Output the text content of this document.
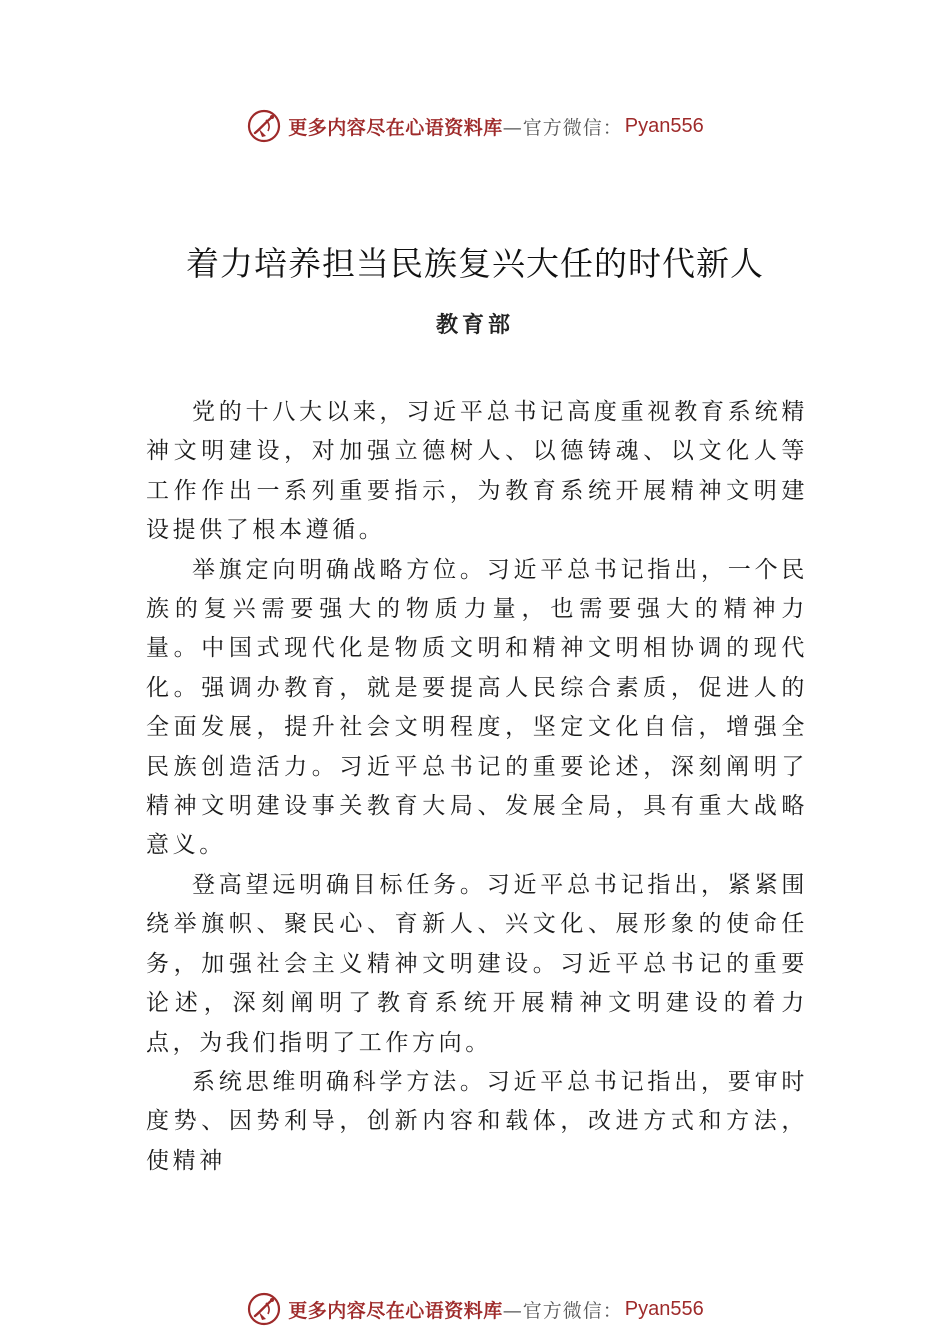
更多内容尽在心语资料库 —官方微信： Pyan556
着力培养担当民族复兴大任的时代新人
教育部

党的十八大以来，习近平总书记高度重视教育系统精神文明建设，对加强立德树人、以德铸魂、以文化人等工作作出一系列重要指示，为教育系统开展精神文明建设提供了根本遵循。

举旗定向明确战略方位。习近平总书记指出，一个民族的复兴需要强大的物质力量，也需要强大的精神力量。中国式现代化是物质文明和精神文明相协调的现代化。强调办教育，就是要提高人民综合素质，促进人的全面发展，提升社会文明程度，坚定文化自信，增强全民族创造活力。习近平总书记的重要论述，深刻阐明了精神文明建设事关教育大局、发展全局，具有重大战略意义。

登高望远明确目标任务。习近平总书记指出，紧紧围绕举旗帜、聚民心、育新人、兴文化、展形象的使命任务，加强社会主义精神文明建设。习近平总书记的重要论述，深刻阐明了教育系统开展精神文明建设的着力点，为我们指明了工作方向。

系统思维明确科学方法。习近平总书记指出，要审时度势、因势利导，创新内容和载体，改进方式和方法，使精神

更多内容尽在心语资料库 —官方微信： Pyan556
